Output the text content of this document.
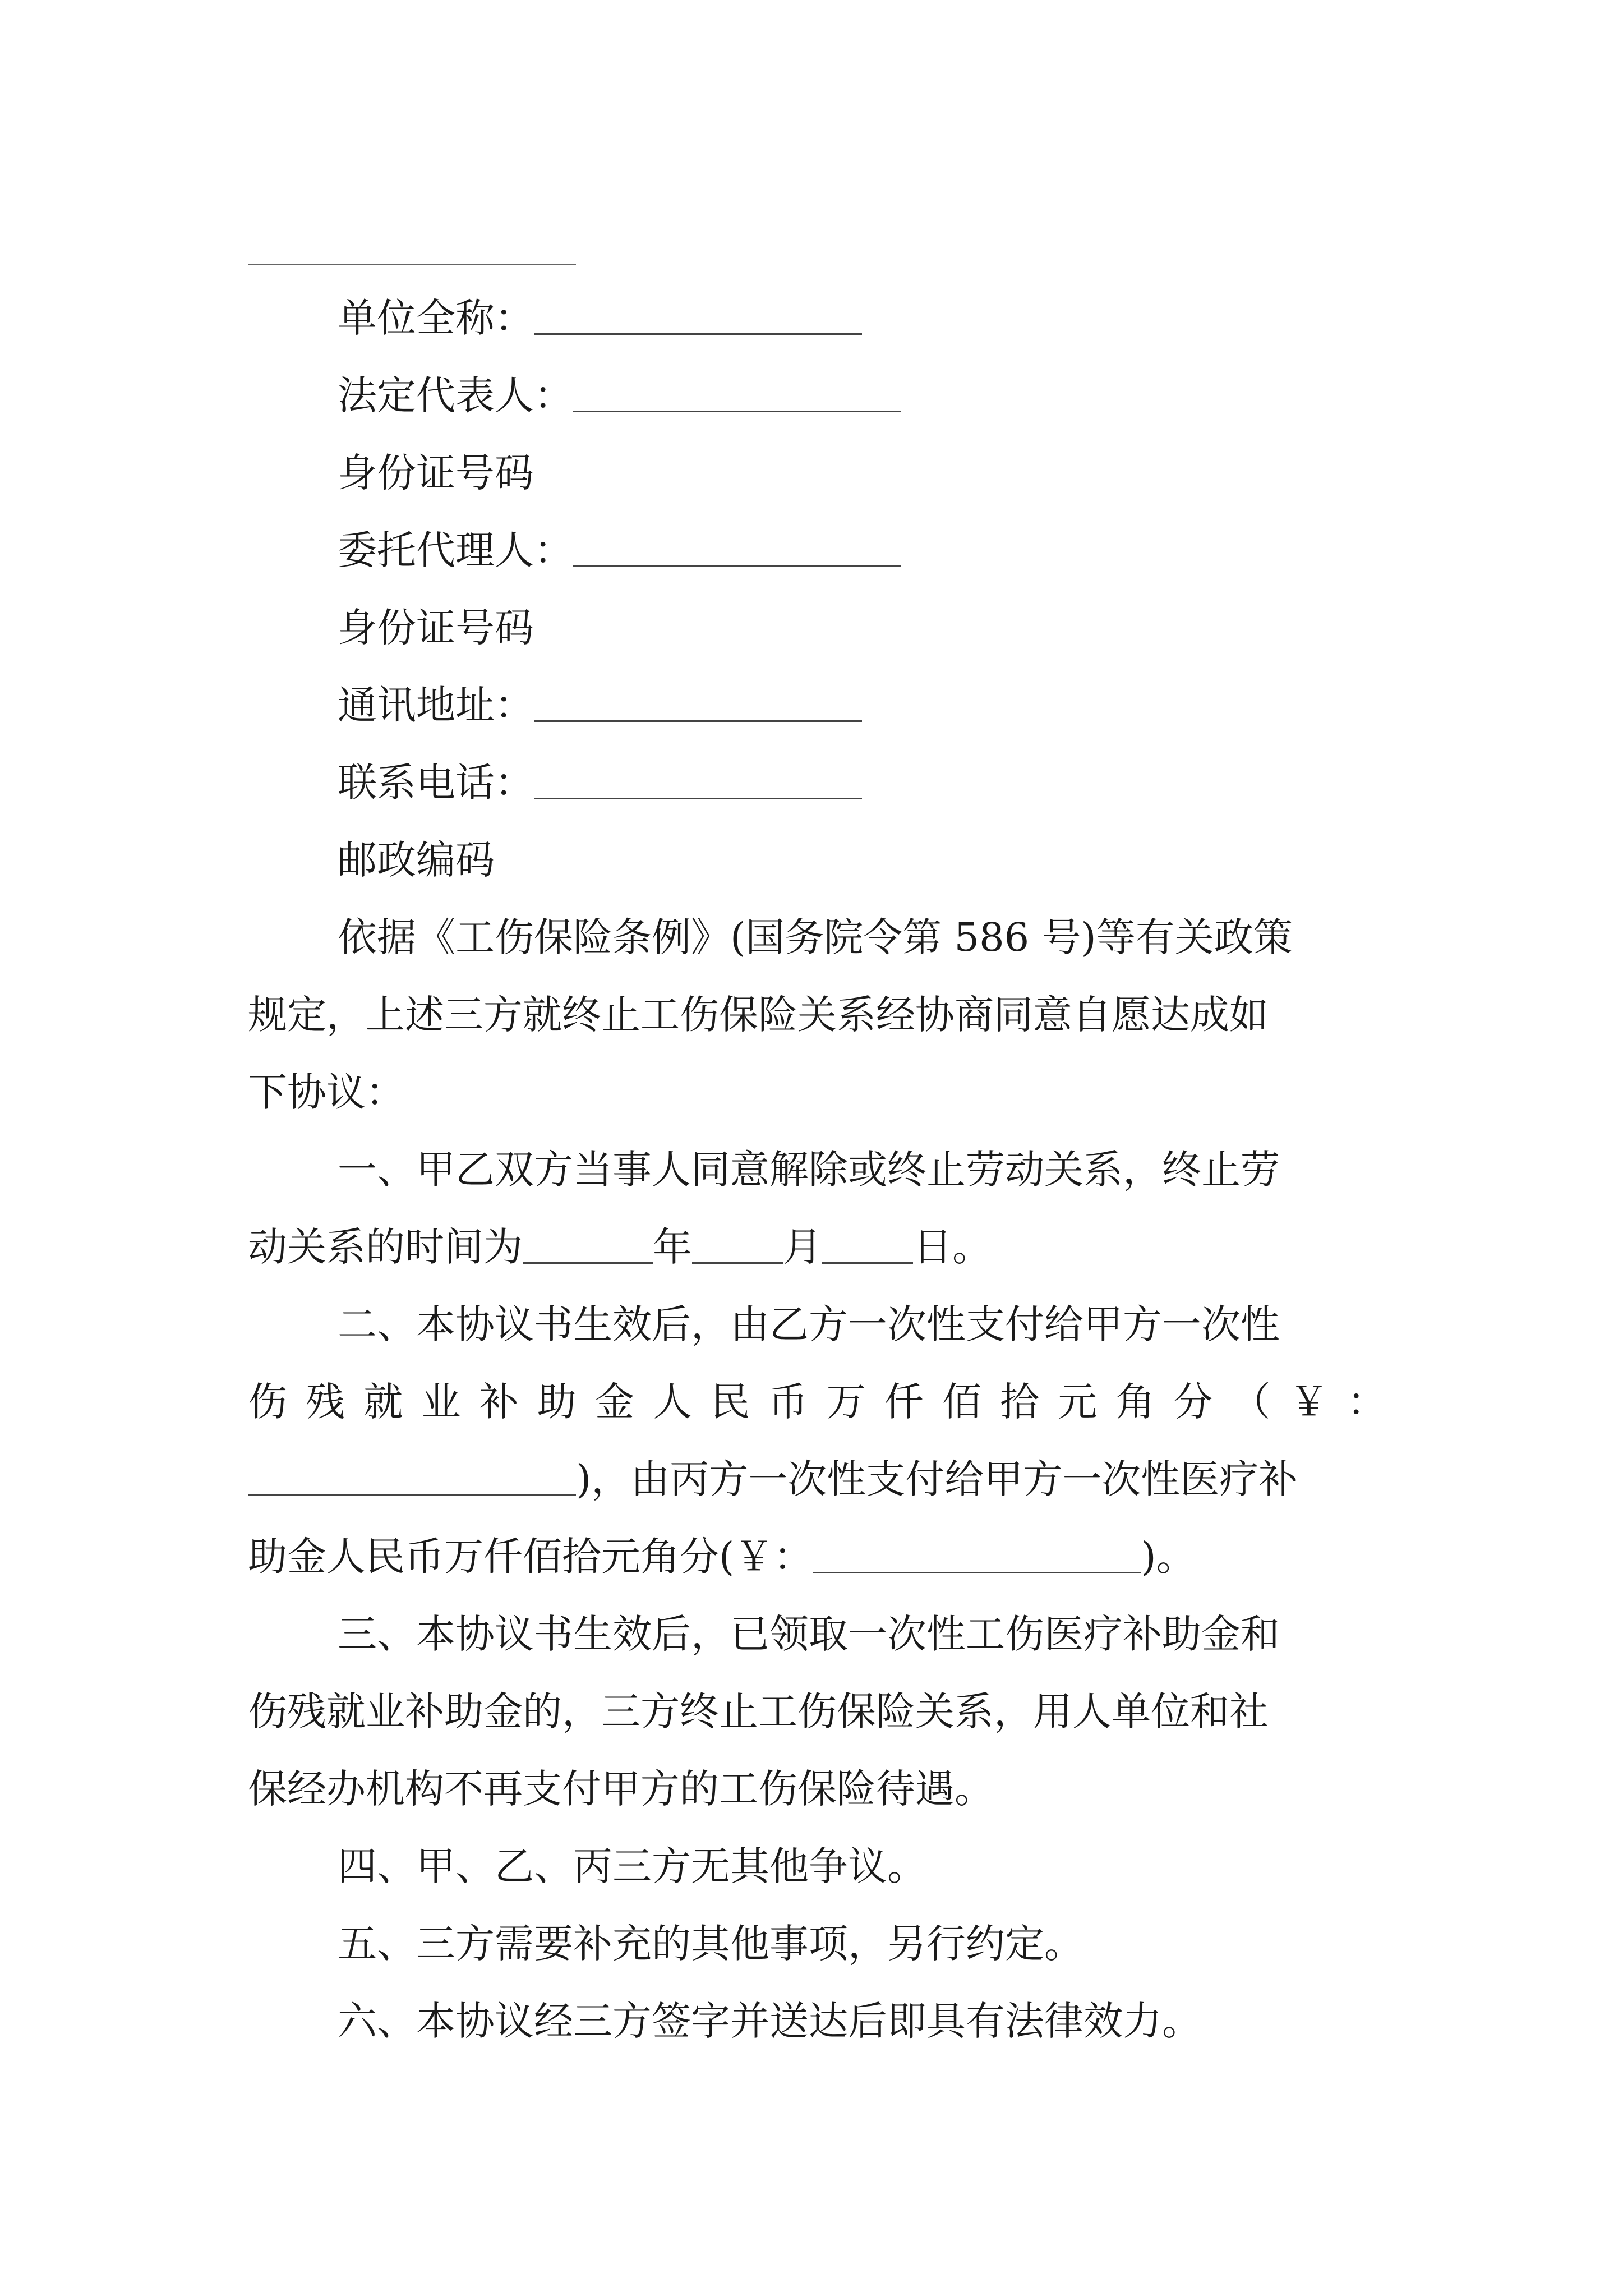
单位全称：
法定代表人：
身份证号码
委托代理人：
身份证号码
通讯地址：
联系电话：
邮政编码
依据《工伤保险条例》(国务院令第 586 号)等有关政策
规定，上述三方就终止工伤保险关系经协商同意自愿达成如
下协议：
一、甲乙双方当事人同意解除或终止劳动关系，终止劳
动关系的时间为	年 月 日。
二、本协议书生效后，由乙方一次性支付给甲方一次性
伤 残 就 业 补 助 金 人 民 币 万 仟 佰 拾 元 角 分 （ ￥ ：
)，由丙方一次性支付给甲方一次性医疗补
助金人民币万仟佰拾元角分(￥：	)。
三、本协议书生效后，已领取一次性工伤医疗补助金和
伤残就业补助金的，三方终止工伤保险关系，用人单位和社
保经办机构不再支付甲方的工伤保险待遇。
四、甲、乙、丙三方无其他争议。
五、三方需要补充的其他事项，另行约定。
六、本协议经三方签字并送达后即具有法律效力。
